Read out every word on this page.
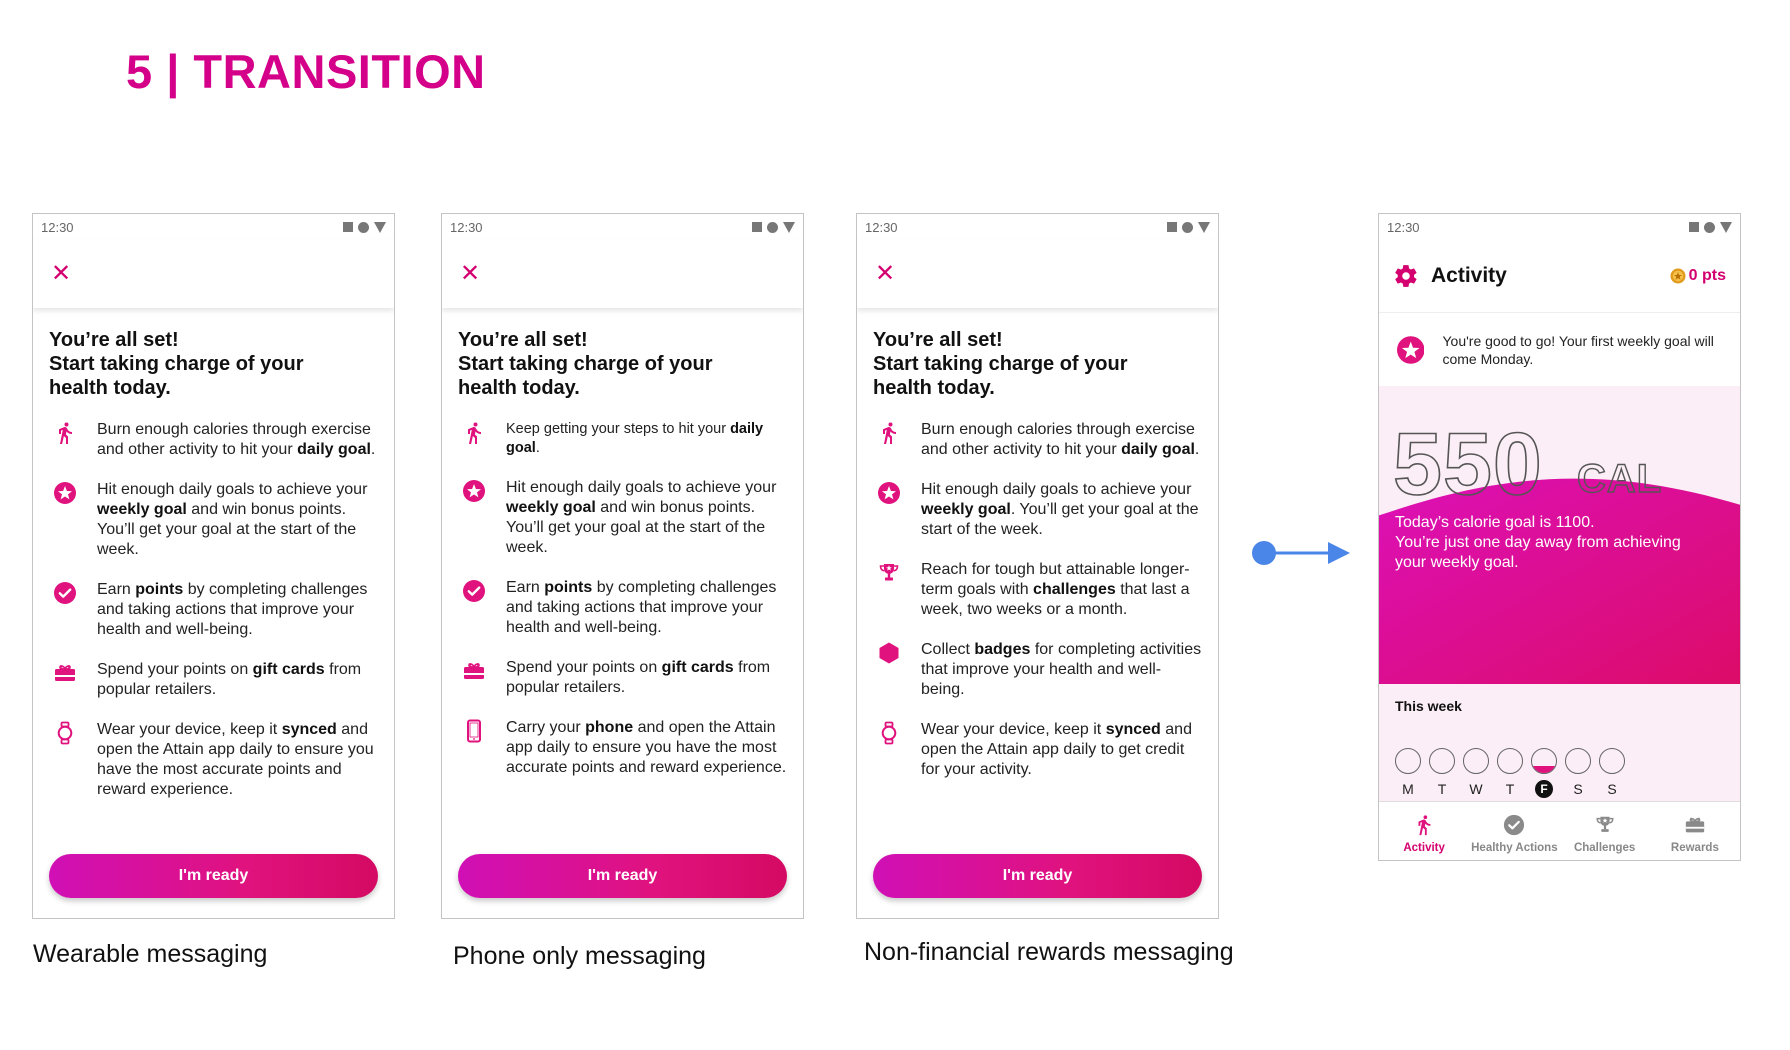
5 | TRANSITION
12:30
✕
You’re all set!
Start taking charge of your
health today.
Burn enough calories through exercise and other activity to hit your daily goal.
Hit enough daily goals to achieve your weekly goal and win bonus points. You’ll get your goal at the start of the week.
Earn points by completing challenges and taking actions that improve your health and well-being.
Spend your points on gift cards from popular retailers.
Wear your device, keep it synced and open the Attain app daily to ensure you have the most accurate points and reward experience.
I'm ready
12:30
✕
You’re all set!
Start taking charge of your
health today.
Keep getting your steps to hit your daily goal.
Hit enough daily goals to achieve your weekly goal and win bonus points. You’ll get your goal at the start of the week.
Earn points by completing challenges and taking actions that improve your health and well-being.
Spend your points on gift cards from popular retailers.
Carry your phone and open the Attain app daily to ensure you have the most accurate points and reward experience.
I'm ready
12:30
✕
You’re all set!
Start taking charge of your
health today.
Burn enough calories through exercise and other activity to hit your daily goal.
Hit enough daily goals to achieve your weekly goal. You’ll get your goal at the start of the week.
Reach for tough but attainable longer-term goals with challenges that last a week, two weeks or a month.
Collect badges for completing activities that improve your health and well-being.
Wear your device, keep it synced and open the Attain app daily to get credit for your activity.
I'm ready

Wearable messaging	Phone only messaging	Non-financial rewards messaging

12:30
Activity	0 pts
You're good to go! Your first weekly goal will come Monday.
550 CAL
Today’s calorie goal is 1100.
You’re just one day away from achieving your weekly goal.
This week
M T W T	F	S S
Activity Healthy Actions Challenges	Rewards
